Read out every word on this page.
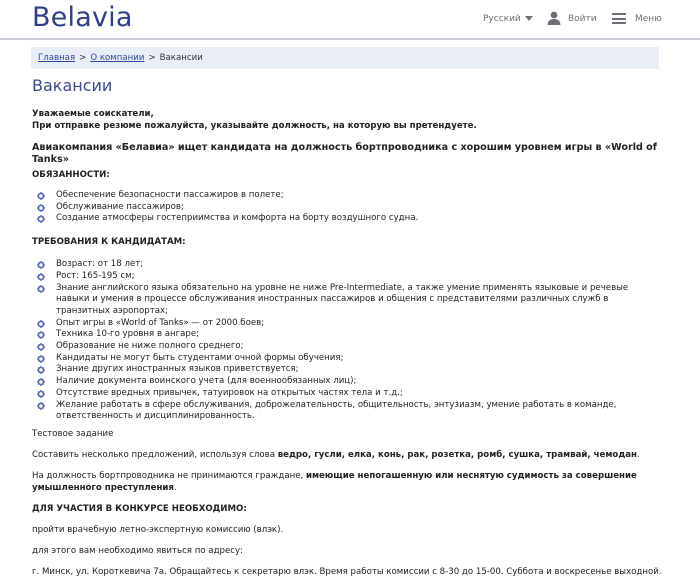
Belavia	Русский	Войти	Меню
Главная > О компании > Вакансии
Вакансии

Уважаемые соискатели,

При отправке резюме пожалуйста, указывайте должность, на которую вы претендуете.

Авиакомпания «Белавиа» ищет кандидата на должность бортпроводника с хорошим уровнем игры в «World of Tanks»

ОБЯЗАННОСТИ:

Обеспечение безопасности пассажиров в полете;
Обслуживание пассажиров;
Создание атмосферы гостеприимства и комфорта на борту воздушного судна.

ТРЕБОВАНИЯ К КАНДИДАТАМ:

Возраст: от 18 лет;
Рост: 165-195 см;
Знание английского языка обязательно на уровне не ниже Pre-Intermediate, а также умение применять языковые и речевые навыки и умения в процессе обслуживания иностранных пассажиров и общения с представителями различных служб в транзитных аэропортах;
Опыт игры в «World of Tanks» — от 2000 боев;
Техника 10-го уровня в ангаре;
Образование не ниже полного среднего;
Кандидаты не могут быть студентами очной формы обучения;
Знание других иностранных языков приветствуется;
Наличие документа воинского учета (для военнообязанных лиц);
Отсутствие вредных привычек, татуировок на открытых частях тела и т.д.;
Желание работать в сфере обслуживания, доброжелательность, общительность, энтузиазм, умение работать в команде, ответственность и дисциплинированность.

Тестовое задание

Составить несколько предложений, используя слова ведро, гусли, елка, конь, рак, розетка, ромб, сушка, трамвай, чемодан.

На должность бортпроводника не принимаются граждане, имеющие непогашенную или неснятую судимость за совершение умышленного преступления.

ДЛЯ УЧАСТИЯ В КОНКУРСЕ НЕОБХОДИМО:

пройти врачебную летно-экспертную комиссию (влэк).

для этого вам необходимо явиться по адресу:

г. Минск, ул. Короткевича 7а. Обращайтесь к секретарю влэк. Время работы комиссии с 8-30 до 15-00. Суббота и воскресенье выходной.
